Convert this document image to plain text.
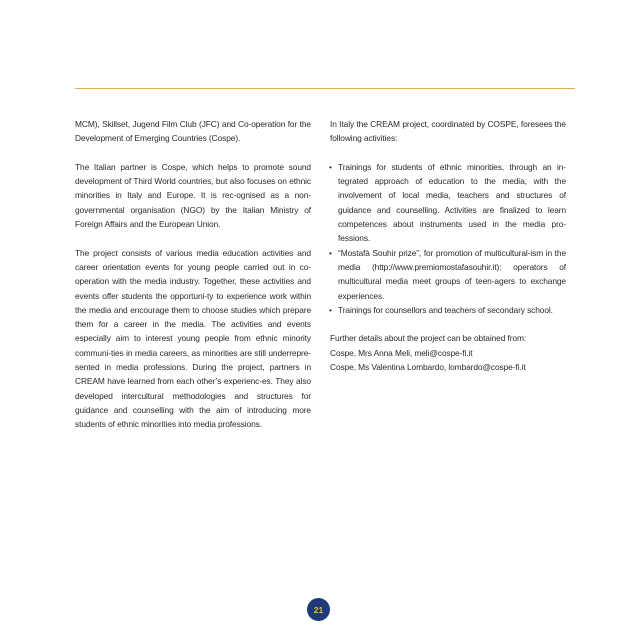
MCM), Skillset, Jugend Film Club (JFC) and Co-operation for the Development of Emerging Countries (Cospe).

The Italian partner is Cospe, which helps to promote sound development of Third World countries, but also focuses on ethnic minorities in Italy and Europe. It is rec-ognised as a non-governmental organisation (NGO) by the Italian Ministry of Foreign Affairs and the European Union.

The project consists of various media education activities and career orientation events for young people carried out in co-operation with the media industry. Together, these activities and events offer students the opportuni-ty to experience work within the media and encourage them to choose studies which prepare them for a career in the media. The activities and events especially aim to interest young people from ethnic minority communi-ties in media careers, as minorities are still underrepre-sented in media professions. During the project, partners in CREAM have learned from each other’s experienc-es. They also developed intercultural methodologies and structures for guidance and counselling with the aim of introducing more students of ethnic minorities into media professions.

In Italy the CREAM project, coordinated by COSPE, foresees the following activities:

• Trainings for students of ethnic minorities, through an in-tegrated approach of education to the media, with the involvement of local media, teachers and structures of guidance and counselling. Activities are finalized to learn competences about instruments used in the media pro-fessions.
• “Mostafà Souhir prize”, for promotion of multicultural-ism in the media (http://www.premiomostafasouhir.it): operators of multicultural media meet groups of teen-agers to exchange experiences.
• Trainings for counsellors and teachers of secondary school.

Further details about the project can be obtained from:

Cospe, Mrs Anna Meli, meli@cospe-fi.it

Cospe, Ms Valentina Lombardo, lombardo@cospe-fi.it

21
